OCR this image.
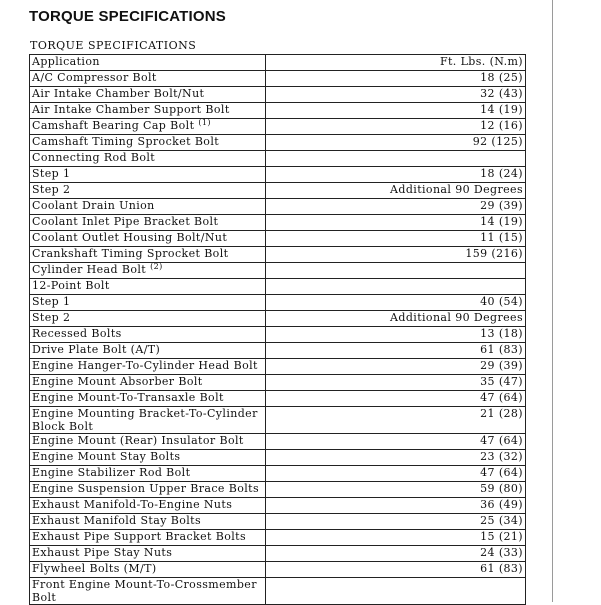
TORQUE SPECIFICATIONS
TORQUE SPECIFICATIONS
Application	Ft. Lbs. (N.m)
A/C Compressor Bolt	18 (25)
Air Intake Chamber Bolt/Nut	32 (43)
Air Intake Chamber Support Bolt	14 (19)
Camshaft Bearing Cap Bolt $^{(1)}$	12 (16)
Camshaft Timing Sprocket Bolt	92 (125)
Connecting Rod Bolt	
Step 1	18 (24)
Step 2	Additional 90 Degrees
Coolant Drain Union	29 (39)
Coolant Inlet Pipe Bracket Bolt	14 (19)
Coolant Outlet Housing Bolt/Nut	11 (15)
Crankshaft Timing Sprocket Bolt	159 (216)
Cylinder Head Bolt $^{(2)}$	
12-Point Bolt	
Step 1	40 (54)
Step 2	Additional 90 Degrees
Recessed Bolts	13 (18)
Drive Plate Bolt (A/T)	61 (83)
Engine Hanger-To-Cylinder Head Bolt	29 (39)
Engine Mount Absorber Bolt	35 (47)
Engine Mount-To-Transaxle Bolt	47 (64)
Engine Mounting Bracket-To-Cylinder Block Bolt	21 (28)
Engine Mount (Rear) Insulator Bolt	47 (64)
Engine Mount Stay Bolts	23 (32)
Engine Stabilizer Rod Bolt	47 (64)
Engine Suspension Upper Brace Bolts	59 (80)
Exhaust Manifold-To-Engine Nuts	36 (49)
Exhaust Manifold Stay Bolts	25 (34)
Exhaust Pipe Support Bracket Bolts	15 (21)
Exhaust Pipe Stay Nuts	24 (33)
Flywheel Bolts (M/T)	61 (83)
Front Engine Mount-To-Crossmember Bolt	
